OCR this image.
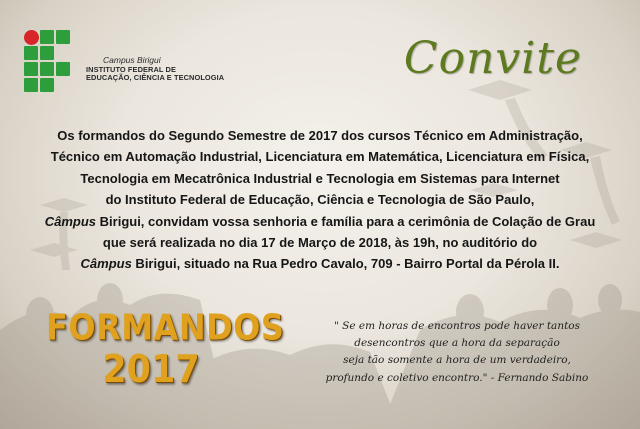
Campus Birigui
INSTITUTO FEDERAL DE
EDUCAÇÃO, CIÊNCIA E TECNOLOGIA	Convite
Os formandos do Segundo Semestre de 2017 dos cursos Técnico em Administração,
Técnico em Automação Industrial, Licenciatura em Matemática, Licenciatura em Física,
Tecnologia em Mecatrônica Industrial e Tecnologia em Sistemas para Internet
do Instituto Federal de Educação, Ciência e Tecnologia de São Paulo,
Câmpus Birigui, convidam vossa senhoria e família para a cerimônia de Colação de Grau
que será realizada no dia 17 de Março de 2018, às 19h, no auditório do
Câmpus Birigui, situado na Rua Pedro Cavalo, 709 - Bairro Portal da Pérola II.
FORMANDOS
2017
" Se em horas de encontros pode haver tantos
desencontros que a hora da separação
seja tão somente a hora de um verdadeiro,
profundo e coletivo encontro." - Fernando Sabino
